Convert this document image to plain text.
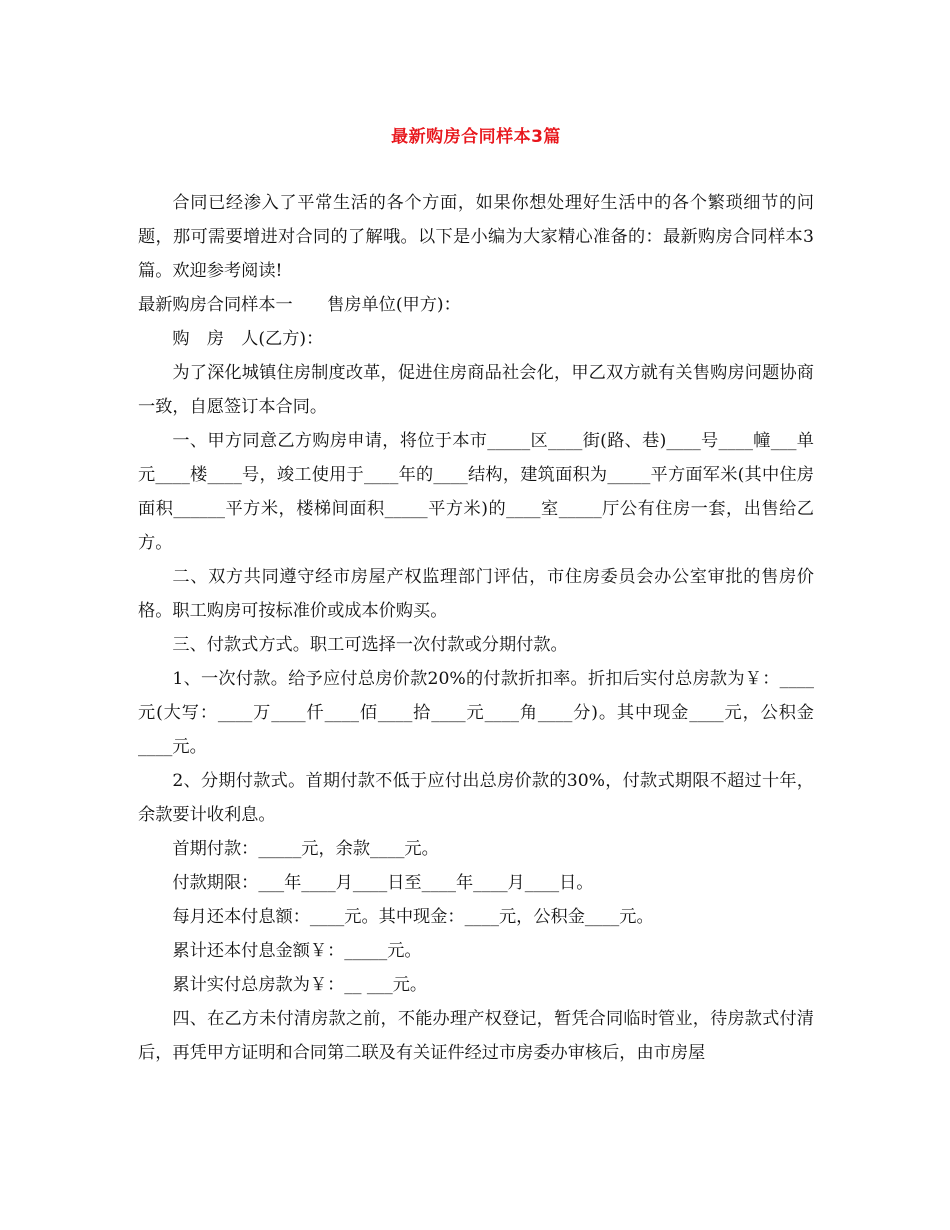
最新购房合同样本3篇

合同已经渗入了平常生活的各个方面，如果你想处理好生活中的各个繁琐细节的问题，那可需要增进对合同的了解哦。以下是小编为大家精心准备的：最新购房合同样本3篇。欢迎参考阅读!

最新购房合同样本一　　售房单位(甲方)：

购　房　人(乙方)：

为了深化城镇住房制度改革，促进住房商品社会化，甲乙双方就有关售购房问题协商一致，自愿签订本合同。

一、甲方同意乙方购房申请，将位于本市_____区____街(路、巷)____号____幢___单元____楼____号，竣工使用于____年的____结构，建筑面积为_____平方面军米(其中住房面积______平方米，楼梯间面积_____平方米)的____室_____厅公有住房一套，出售给乙方。

二、双方共同遵守经市房屋产权监理部门评估，市住房委员会办公室审批的售房价格。职工购房可按标准价或成本价购买。

三、付款式方式。职工可选择一次付款或分期付款。

1、一次付款。给予应付总房价款20%的付款折扣率。折扣后实付总房款为￥：____元(大写：____万____仟____佰____拾____元____角____分)。其中现金____元，公积金____元。

2、分期付款式。首期付款不低于应付出总房价款的30%，付款式期限不超过十年，余款要计收利息。

首期付款：_____元，余款____元。

付款期限：___年____月____日至____年____月____日。

每月还本付息额：____元。其中现金：____元，公积金____元。

累计还本付息金额￥：_____元。

累计实付总房款为￥：__ ___元。

四、在乙方未付清房款之前，不能办理产权登记，暂凭合同临时管业，待房款式付清后，再凭甲方证明和合同第二联及有关证件经过市房委办审核后，由市房屋
